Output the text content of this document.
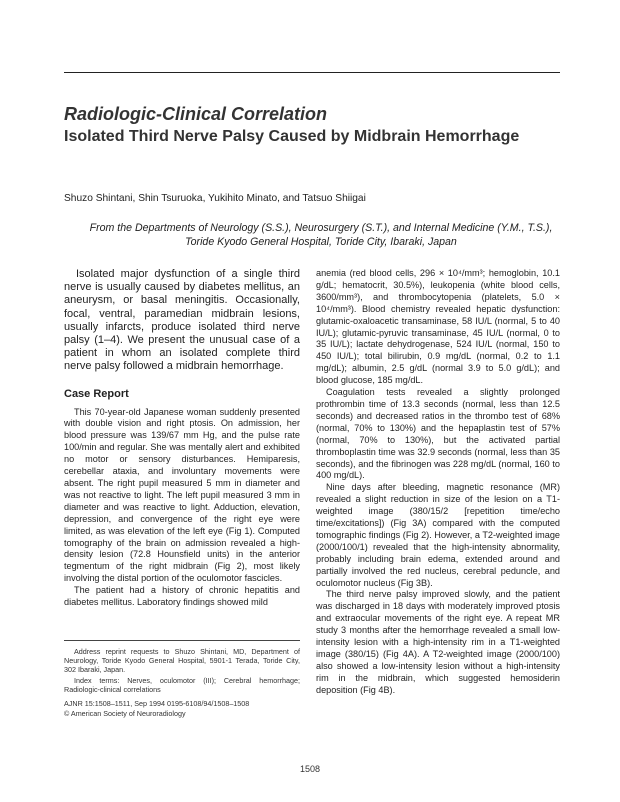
Radiologic-Clinical Correlation
Isolated Third Nerve Palsy Caused by Midbrain Hemorrhage
Shuzo Shintani, Shin Tsuruoka, Yukihito Minato, and Tatsuo Shiigai
From the Departments of Neurology (S.S.), Neurosurgery (S.T.), and Internal Medicine (Y.M., T.S.), Toride Kyodo General Hospital, Toride City, Ibaraki, Japan

Isolated major dysfunction of a single third nerve is usually caused by diabetes mellitus, an aneurysm, or basal meningitis. Occasionally, focal, ventral, paramedian midbrain lesions, usually infarcts, produce isolated third nerve palsy (1–4). We present the unusual case of a patient in whom an isolated complete third nerve palsy followed a midbrain hemorrhage.

Case Report

This 70-year-old Japanese woman suddenly presented with double vision and right ptosis. On admission, her blood pressure was 139/67 mm Hg, and the pulse rate 100/min and regular. She was mentally alert and exhibited no motor or sensory disturbances. Hemiparesis, cerebellar ataxia, and involuntary movements were absent. The right pupil measured 5 mm in diameter and was not reactive to light. The left pupil measured 3 mm in diameter and was reactive to light. Adduction, elevation, depression, and convergence of the right eye were limited, as was elevation of the left eye (Fig 1). Computed tomography of the brain on admission revealed a high-density lesion (72.8 Hounsfield units) in the anterior tegmentum of the right midbrain (Fig 2), most likely involving the distal portion of the oculomotor fascicles.

The patient had a history of chronic hepatitis and diabetes mellitus. Laboratory findings showed mild

anemia (red blood cells, 296 × 10⁴/mm³; hemoglobin, 10.1 g/dL; hematocrit, 30.5%), leukopenia (white blood cells, 3600/mm³), and thrombocytopenia (platelets, 5.0 × 10⁴/mm³). Blood chemistry revealed hepatic dysfunction: glutamic-oxaloacetic transaminase, 58 IU/L (normal, 5 to 40 IU/L); glutamic-pyruvic transaminase, 45 IU/L (normal, 0 to 35 IU/L); lactate dehydrogenase, 524 IU/L (normal, 150 to 450 IU/L); total bilirubin, 0.9 mg/dL (normal, 0.2 to 1.1 mg/dL); albumin, 2.5 g/dL (normal 3.9 to 5.0 g/dL); and blood glucose, 185 mg/dL.

Coagulation tests revealed a slightly prolonged prothrombin time of 13.3 seconds (normal, less than 12.5 seconds) and decreased ratios in the thrombo test of 68% (normal, 70% to 130%) and the hepaplastin test of 57% (normal, 70% to 130%), but the activated partial thromboplastin time was 32.9 seconds (normal, less than 35 seconds), and the fibrinogen was 228 mg/dL (normal, 160 to 400 mg/dL).

Nine days after bleeding, magnetic resonance (MR) revealed a slight reduction in size of the lesion on a T1-weighted image (380/15/2 [repetition time/echo time/excitations]) (Fig 3A) compared with the computed tomographic findings (Fig 2). However, a T2-weighted image (2000/100/1) revealed that the high-intensity abnormality, probably including brain edema, extended around and partially involved the red nucleus, cerebral peduncle, and oculomotor nucleus (Fig 3B).

The third nerve palsy improved slowly, and the patient was discharged in 18 days with moderately improved ptosis and extraocular movements of the right eye. A repeat MR study 3 months after the hemorrhage revealed a small low-intensity lesion with a high-intensity rim in a T1-weighted image (380/15) (Fig 4A). A T2-weighted image (2000/100) also showed a low-intensity lesion without a high-intensity rim in the midbrain, which suggested hemosiderin deposition (Fig 4B).

Address reprint requests to Shuzo Shintani, MD, Department of Neurology, Toride Kyodo General Hospital, 5901-1 Terada, Toride City, 302 Ibaraki, Japan.

Index terms: Nerves, oculomotor (III); Cerebral hemorrhage; Radiologic-clinical correlations

AJNR 15:1508–1511, Sep 1994 0195-6108/94/1508–1508

© American Society of Neuroradiology

1508
